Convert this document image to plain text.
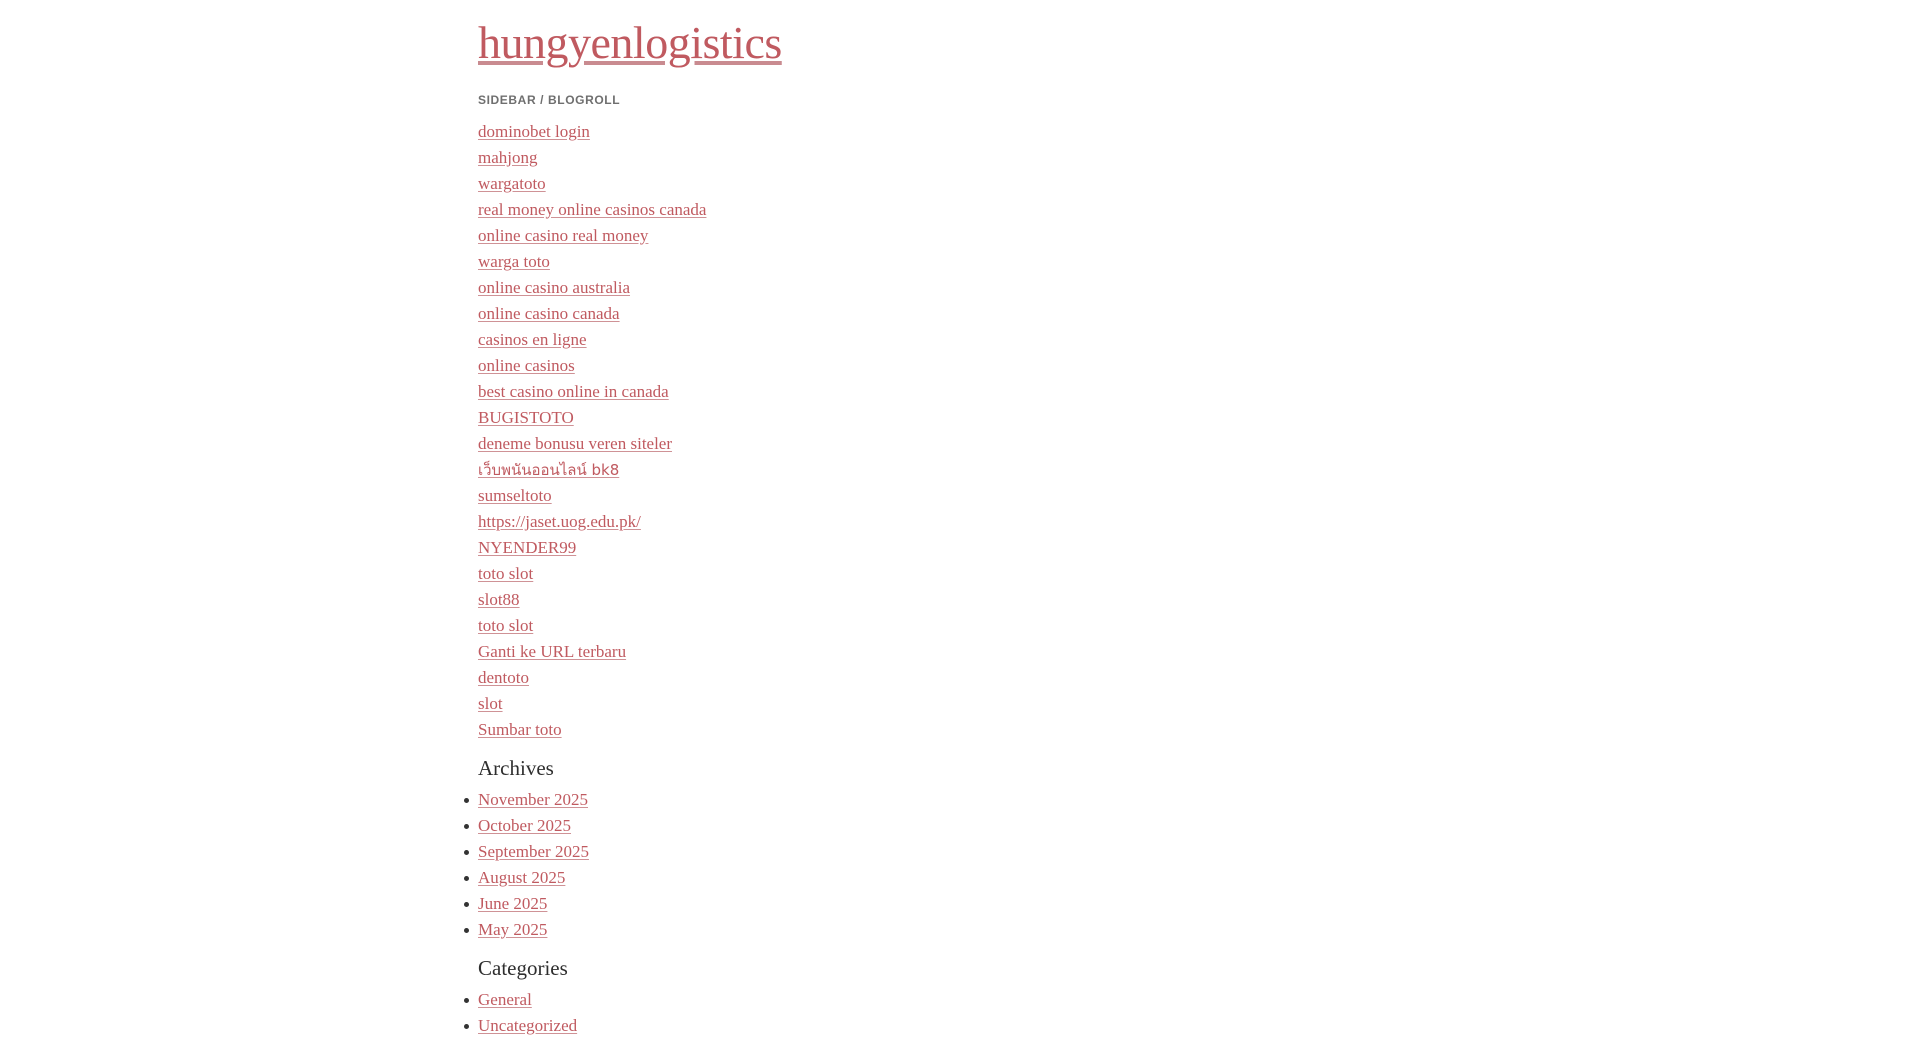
hungyenlogistics
SIDEBAR / BLOGROLL
dominobet login
mahjong
wargatoto
real money online casinos canada
online casino real money
warga toto
online casino australia
online casino canada
casinos en ligne
online casinos
best casino online in canada
BUGISTOTO
deneme bonusu veren siteler
เว็บพนันออนไลน์ bk8
sumseltoto
https://jaset.uog.edu.pk/
NYENDER99
toto slot
slot88
toto slot
Ganti ke URL terbaru
dentoto
slot
Sumbar toto
Archives
November 2025
October 2025
September 2025
August 2025
June 2025
May 2025
Categories
General
Uncategorized
